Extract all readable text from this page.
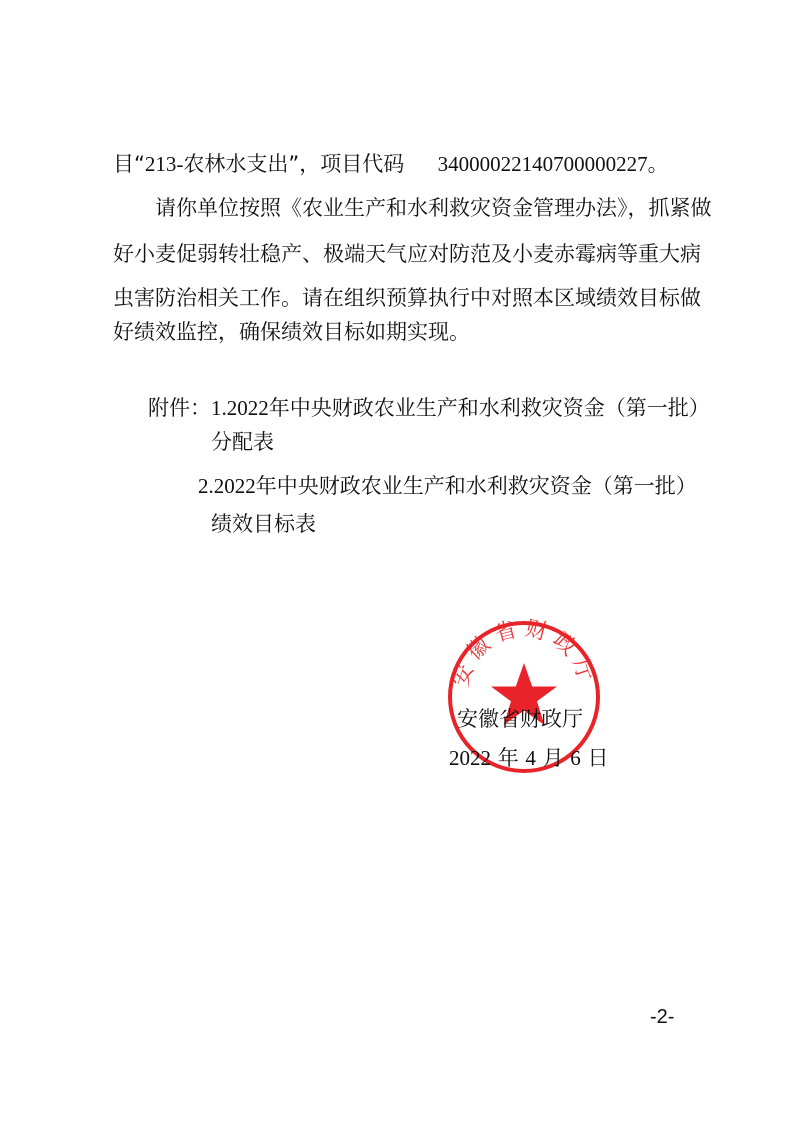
目“213-农林水支出”，项目代码 34000022140700000227。
请你单位按照《农业生产和水利救灾资金管理办法》，抓紧做
好小麦促弱转壮稳产、极端天气应对防范及小麦赤霉病等重大病
虫害防治相关工作。请在组织预算执行中对照本区域绩效目标做
好绩效监控，确保绩效目标如期实现。
附件：1.2022年中央财政农业生产和水利救灾资金（第一批）
分配表
2.2022年中央财政农业生产和水利救灾资金（第一批）
绩效目标表
安徽省财政厅
安徽省财政厅
2022 年 4 月 6 日
-2-
